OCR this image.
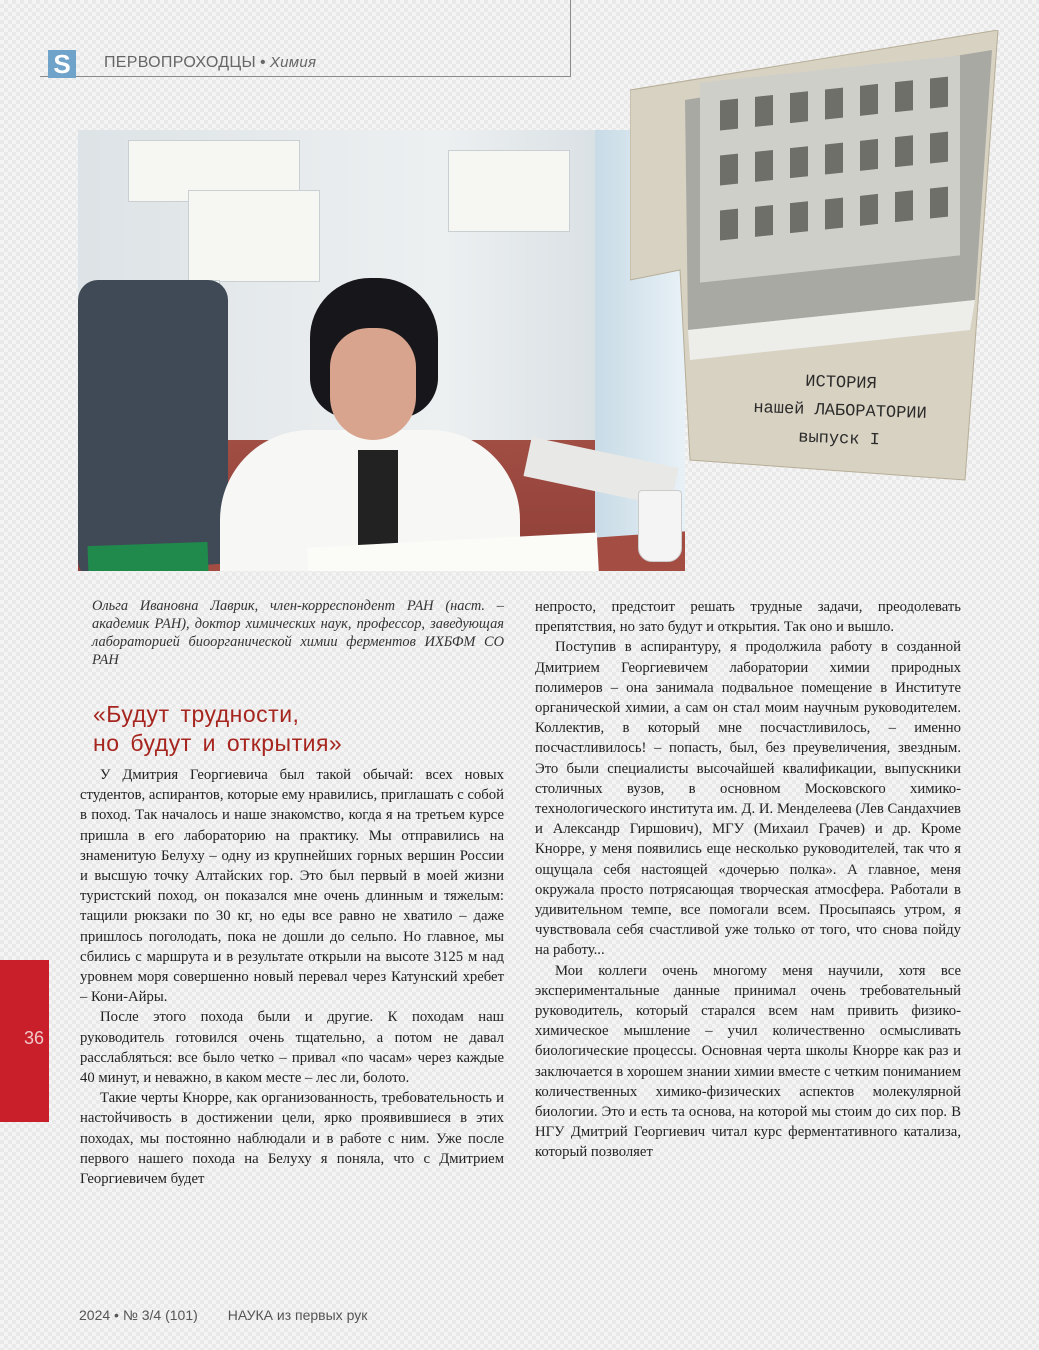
S	ПЕРВОПРОХОДЦЫ • Химия
ИСТОРИЯ
нашей ЛАБОРАТОРИИ
выпуск I
Ольга Ивановна Лаврик, член-корреспондент РАН (наст. – академик РАН), доктор химических наук, профессор, заведующая лабораторией биоорганической химии ферментов ИХБФМ СО РАН
«Будут трудности,
но будут и открытия»

У Дмитрия Георгиевича был такой обычай: всех новых студентов, аспирантов, которые ему нравились, приглашать с собой в поход. Так началось и наше знакомство, когда я на третьем курсе пришла в его лабораторию на практику. Мы отправились на знаменитую Белуху – одну из крупнейших горных вершин России и высшую точку Алтайских гор. Это был первый в моей жизни туристский поход, он показался мне очень длинным и тяжелым: тащили рюкзаки по 30 кг, но еды все равно не хватило – даже пришлось поголодать, пока не дошли до сельпо. Но главное, мы сбились с маршрута и в результате открыли на высоте 3125 м над уровнем моря совершенно новый перевал через Катунский хребет – Кони-Айры.

После этого похода были и другие. К походам наш руководитель готовился очень тщательно, а потом не давал расслабляться: все было четко – привал «по часам» через каждые 40 минут, и неважно, в каком месте – лес ли, болото.

Такие черты Кнорре, как организованность, требовательность и настойчивость в достижении цели, ярко проявившиеся в этих походах, мы постоянно наблюдали и в работе с ним. Уже после первого нашего похода на Белуху я поняла, что с Дмитрием Георгиевичем будет

непросто, предстоит решать трудные задачи, преодолевать препятствия, но зато будут и открытия. Так оно и вышло.

Поступив в аспирантуру, я продолжила работу в созданной Дмитрием Георгиевичем лаборатории химии природных полимеров – она занимала подвальное помещение в Институте органической химии, а сам он стал моим научным руководителем. Коллектив, в который мне посчастливилось, – именно посчастливилось! – попасть, был, без преувеличения, звездным. Это были специалисты высочайшей квалификации, выпускники столичных вузов, в основном Московского химико-технологического института им. Д. И. Менделеева (Лев Сандахчиев и Александр Гиршович), МГУ (Михаил Грачев) и др. Кроме Кнорре, у меня появились еще несколько руководителей, так что я ощущала себя настоящей «дочерью полка». А главное, меня окружала просто потрясающая творческая атмосфера. Работали в удивительном темпе, все помогали всем. Просыпаясь утром, я чувствовала себя счастливой уже только от того, что снова пойду на работу...

Мои коллеги очень многому меня научили, хотя все экспериментальные данные принимал очень требовательный руководитель, который старался всем нам привить физико-химическое мышление – учил количественно осмысливать биологические процессы. Основная черта школы Кнорре как раз и заключается в хорошем знании химии вместе с четким пониманием количественных химико-физических аспектов молекулярной биологии. Это и есть та основа, на которой мы стоим до сих пор. В НГУ Дмитрий Георгиевич читал курс ферментативного катализа, который позволяет

36
2024 • № 3/4 (101) НАУКА из первых рук
